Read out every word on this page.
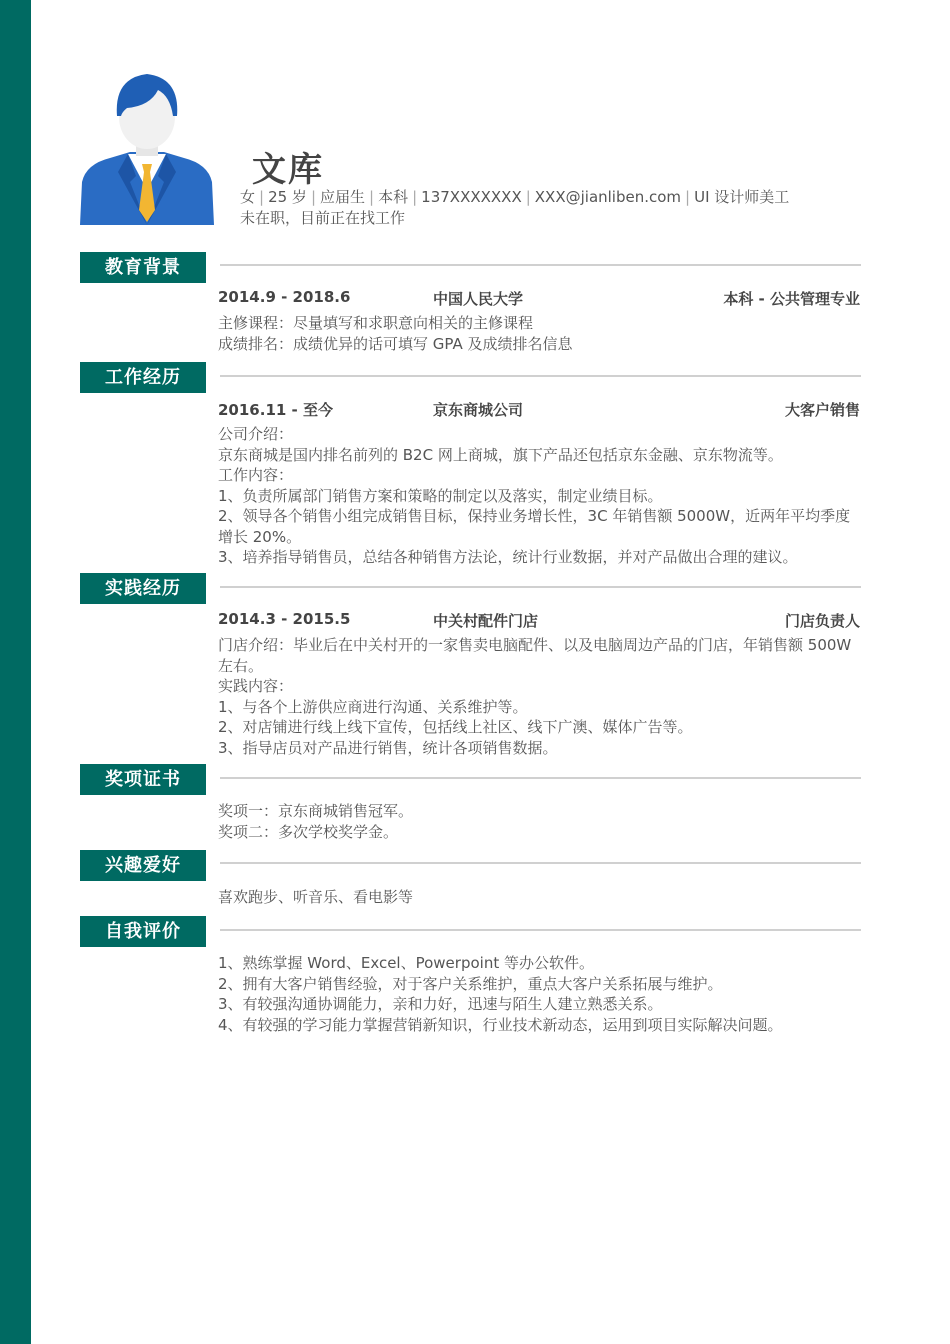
文库
女 | 25 岁 | 应届生 | 本科 | 137XXXXXXX | XXX@jianliben.com | UI 设计师美工
未在职，目前正在找工作
教育背景
2014.9 - 2018.6	中国人民大学	本科 - 公共管理专业
主修课程：尽量填写和求职意向相关的主修课程
成绩排名：成绩优异的话可填写 GPA 及成绩排名信息
工作经历
2016.11 - 至今	京东商城公司	大客户销售
公司介绍：
京东商城是国内排名前列的 B2C 网上商城，旗下产品还包括京东金融、京东物流等。
工作内容：
1、负责所属部门销售方案和策略的制定以及落实，制定业绩目标。
2、领导各个销售小组完成销售目标，保持业务增长性，3C 年销售额 5000W，近两年平均季度
增长 20%。
3、培养指导销售员，总结各种销售方法论，统计行业数据，并对产品做出合理的建议。
实践经历
2014.3 - 2015.5	中关村配件门店	门店负责人
门店介绍：毕业后在中关村开的一家售卖电脑配件、以及电脑周边产品的门店，年销售额 500W
左右。
实践内容：
1、与各个上游供应商进行沟通、关系维护等。
2、对店铺进行线上线下宣传，包括线上社区、线下广澳、媒体广告等。
3、指导店员对产品进行销售，统计各项销售数据。
奖项证书
奖项一：京东商城销售冠军。
奖项二：多次学校奖学金。
兴趣爱好
喜欢跑步、听音乐、看电影等
自我评价
1、熟练掌握 Word、Excel、Powerpoint 等办公软件。
2、拥有大客户销售经验，对于客户关系维护，重点大客户关系拓展与维护。
3、有较强沟通协调能力，亲和力好，迅速与陌生人建立熟悉关系。
4、有较强的学习能力掌握营销新知识，行业技术新动态，运用到项目实际解决问题。
